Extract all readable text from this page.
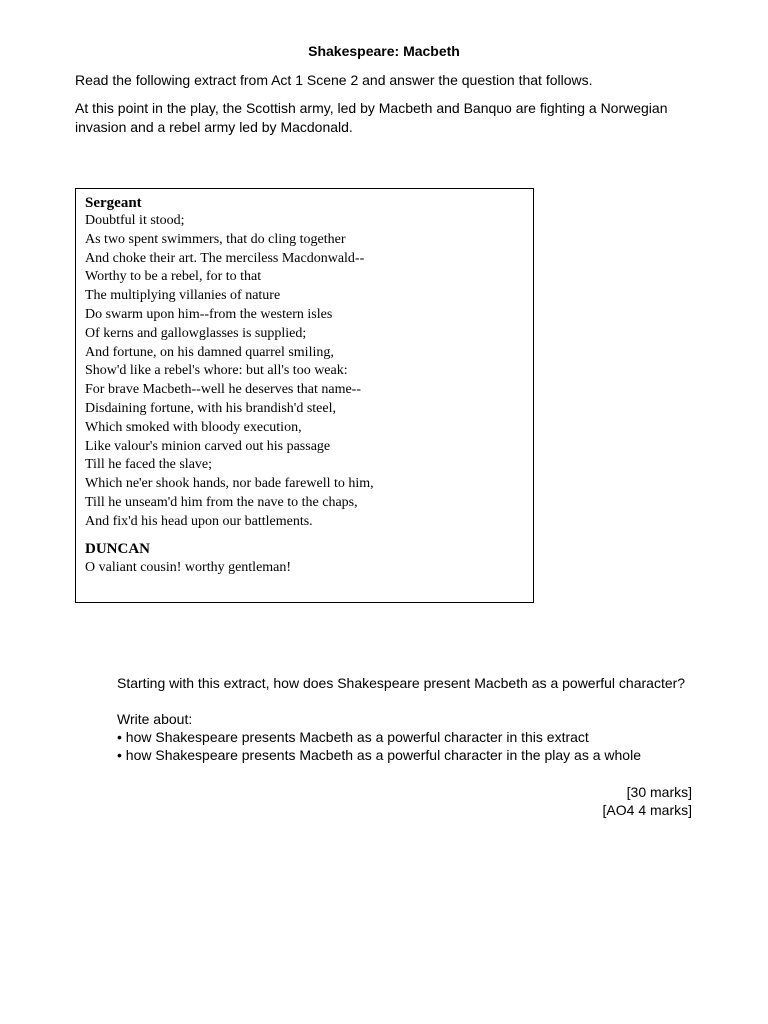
Shakespeare: Macbeth
Read the following extract from Act 1 Scene 2 and answer the question that follows.
At this point in the play, the Scottish army, led by Macbeth and Banquo are fighting a Norwegian invasion and a rebel army led by Macdonald.
Sergeant
Doubtful it stood;
As two spent swimmers, that do cling together
And choke their art. The merciless Macdonwald--
Worthy to be a rebel, for to that
The multiplying villanies of nature
Do swarm upon him--from the western isles
Of kerns and gallowglasses is supplied;
And fortune, on his damned quarrel smiling,
Show'd like a rebel's whore: but all's too weak:
For brave Macbeth--well he deserves that name--
Disdaining fortune, with his brandish'd steel,
Which smoked with bloody execution,
Like valour's minion carved out his passage
Till he faced the slave;
Which ne'er shook hands, nor bade farewell to him,
Till he unseam'd him from the nave to the chaps,
And fix'd his head upon our battlements.
DUNCAN
O valiant cousin! worthy gentleman!
Starting with this extract, how does Shakespeare present Macbeth as a powerful character?
Write about:
• how Shakespeare presents Macbeth as a powerful character in this extract
• how Shakespeare presents Macbeth as a powerful character in the play as a whole
[30 marks]
[AO4 4 marks]
